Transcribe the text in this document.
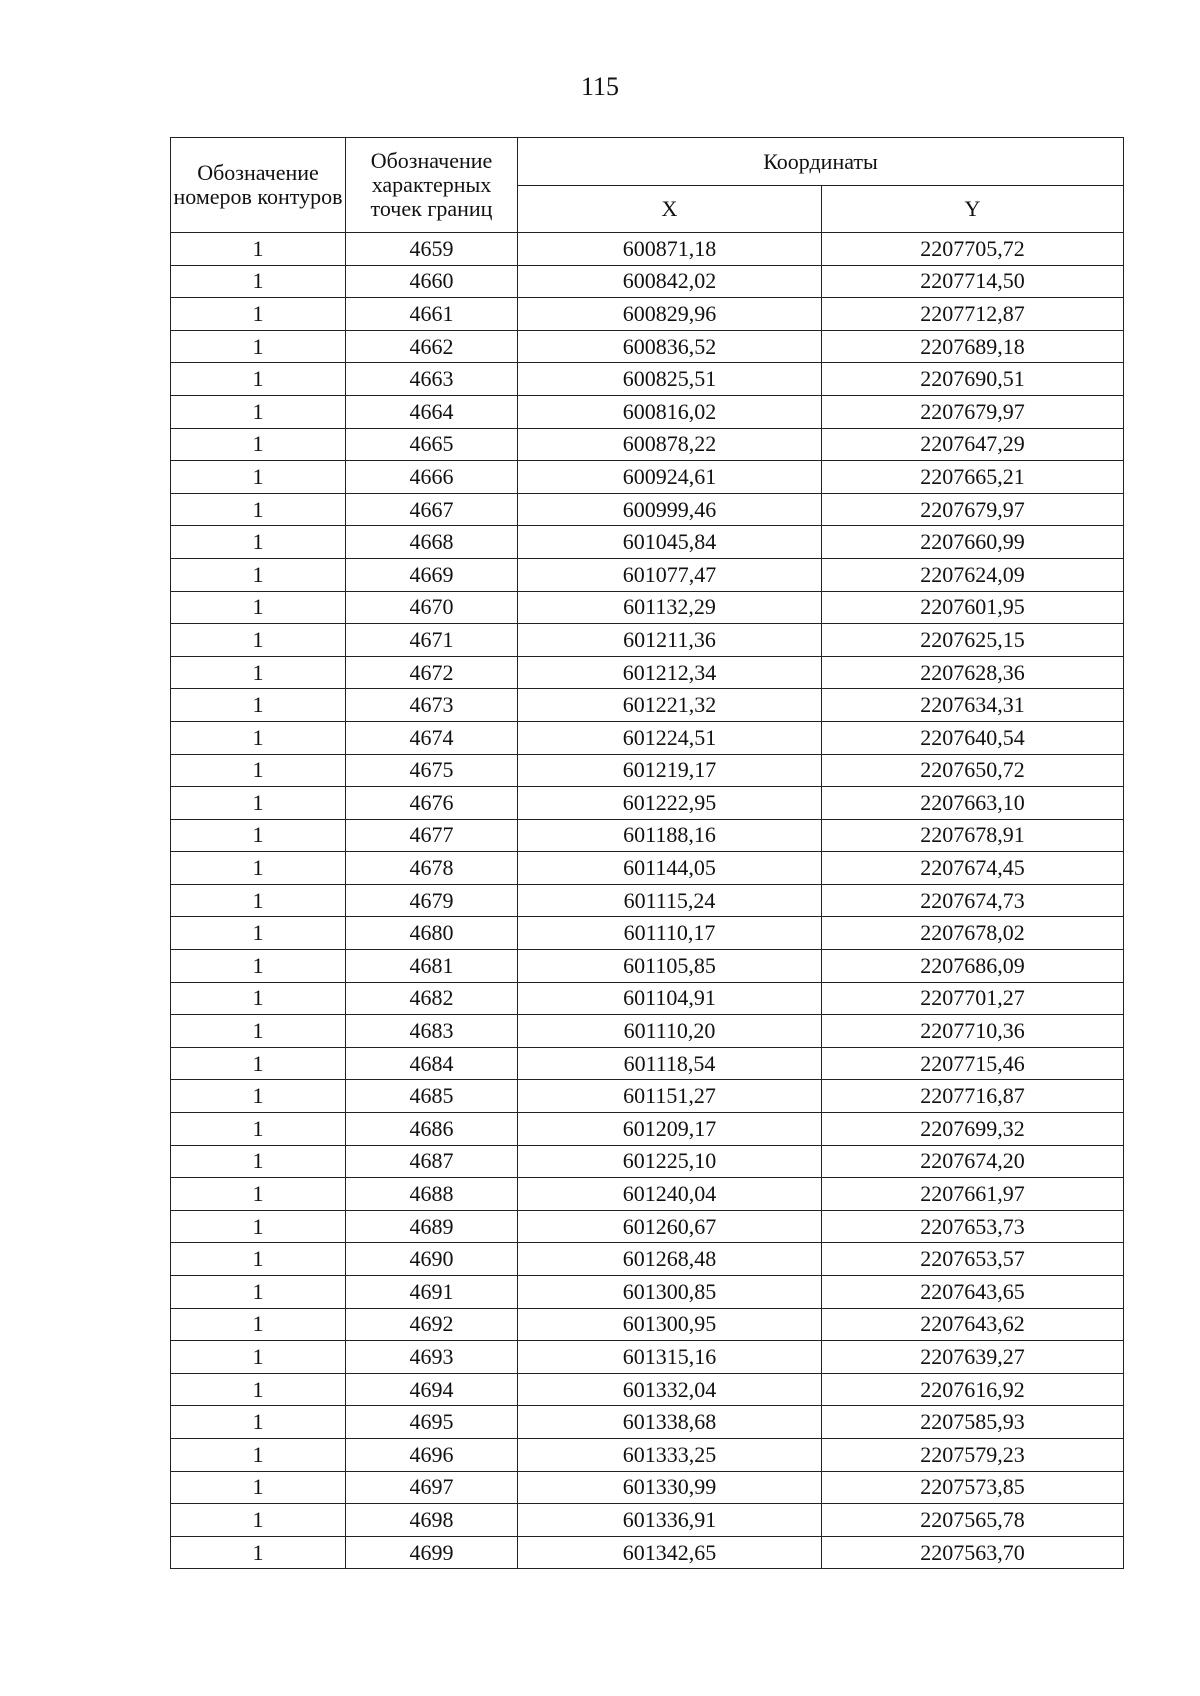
115
Обозначение номеров контуров	Обозначение характерных точек границ	Координаты	
		X	Y
1	4659	600871,18	2207705,72
1	4660	600842,02	2207714,50
1	4661	600829,96	2207712,87
1	4662	600836,52	2207689,18
1	4663	600825,51	2207690,51
1	4664	600816,02	2207679,97
1	4665	600878,22	2207647,29
1	4666	600924,61	2207665,21
1	4667	600999,46	2207679,97
1	4668	601045,84	2207660,99
1	4669	601077,47	2207624,09
1	4670	601132,29	2207601,95
1	4671	601211,36	2207625,15
1	4672	601212,34	2207628,36
1	4673	601221,32	2207634,31
1	4674	601224,51	2207640,54
1	4675	601219,17	2207650,72
1	4676	601222,95	2207663,10
1	4677	601188,16	2207678,91
1	4678	601144,05	2207674,45
1	4679	601115,24	2207674,73
1	4680	601110,17	2207678,02
1	4681	601105,85	2207686,09
1	4682	601104,91	2207701,27
1	4683	601110,20	2207710,36
1	4684	601118,54	2207715,46
1	4685	601151,27	2207716,87
1	4686	601209,17	2207699,32
1	4687	601225,10	2207674,20
1	4688	601240,04	2207661,97
1	4689	601260,67	2207653,73
1	4690	601268,48	2207653,57
1	4691	601300,85	2207643,65
1	4692	601300,95	2207643,62
1	4693	601315,16	2207639,27
1	4694	601332,04	2207616,92
1	4695	601338,68	2207585,93
1	4696	601333,25	2207579,23
1	4697	601330,99	2207573,85
1	4698	601336,91	2207565,78
1	4699	601342,65	2207563,70
